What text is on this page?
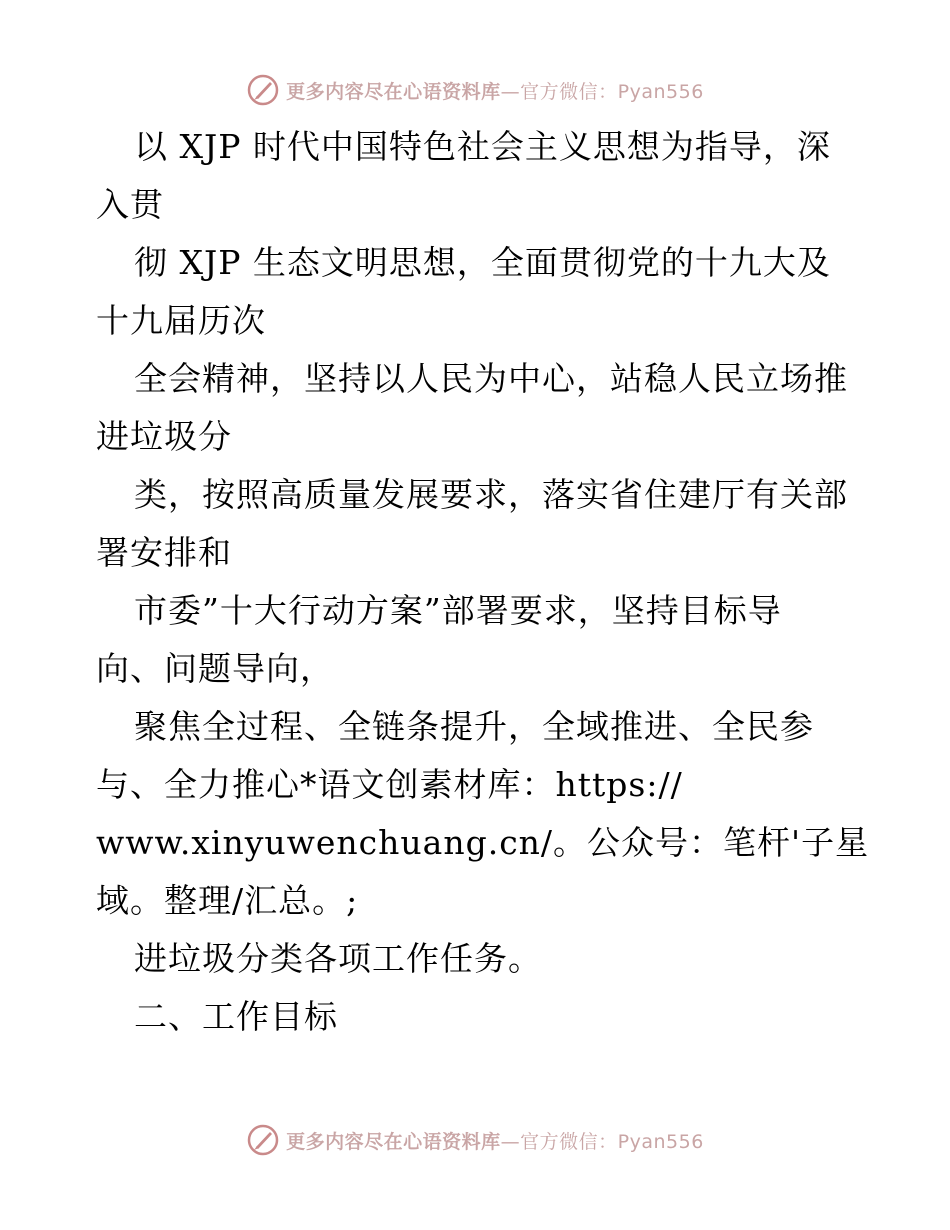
更多内容尽在心语资料库—官方微信：Pyan556
以 XJP 时代中国特色社会主义思想为指导，深
入贯
彻 XJP 生态文明思想，全面贯彻党的十九大及
十九届历次
全会精神，坚持以人民为中心，站稳人民立场推
进垃圾分
类，按照高质量发展要求，落实省住建厅有关部
署安排和
市委”十大行动方案”部署要求，坚持目标导
向、问题导向，
聚焦全过程、全链条提升，全域推进、全民参
与、全力推心*语文创素材库：https://
www.xinyuwenchuang.cn/。公众号：笔杆'子星
域。整理/汇总。;
进垃圾分类各项工作任务。
二、工作目标
更多内容尽在心语资料库—官方微信：Pyan556
